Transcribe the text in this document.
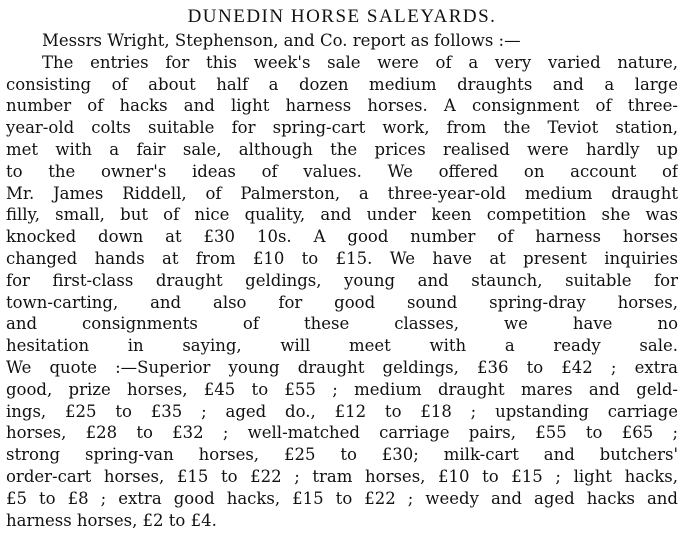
DUNEDIN HORSE SALEYARDS.
Messrs Wright, Stephenson, and Co. report as follows :—
The entries for this week's sale were of a very varied nature,
consisting of about half a dozen medium draughts and a large
number of hacks and light harness horses. A consignment of three-
year-old colts suitable for spring-cart work, from the Teviot station,
met with a fair sale, although the prices realised were hardly up
to the owner's ideas of values. We offered on account of
Mr. James Riddell, of Palmerston, a three-year-old medium draught
filly, small, but of nice quality, and under keen competition she was
knocked down at £30 10s. A good number of harness horses
changed hands at from £10 to £15. We have at present inquiries
for first-class draught geldings, young and staunch, suitable for
town-carting, and also for good sound spring-dray horses,
and consignments of these classes, we have no
hesitation in saying, will meet with a ready sale.
We quote :—Superior young draught geldings, £36 to £42 ; extra
good, prize horses, £45 to £55 ; medium draught mares and geld-
ings, £25 to £35 ; aged do., £12 to £18 ; upstanding carriage
horses, £28 to £32 ; well-matched carriage pairs, £55 to £65 ;
strong spring-van horses, £25 to £30; milk-cart and butchers'
order-cart horses, £15 to £22 ; tram horses, £10 to £15 ; light hacks,
£5 to £8 ; extra good hacks, £15 to £22 ; weedy and aged hacks and
harness horses, £2 to £4.
